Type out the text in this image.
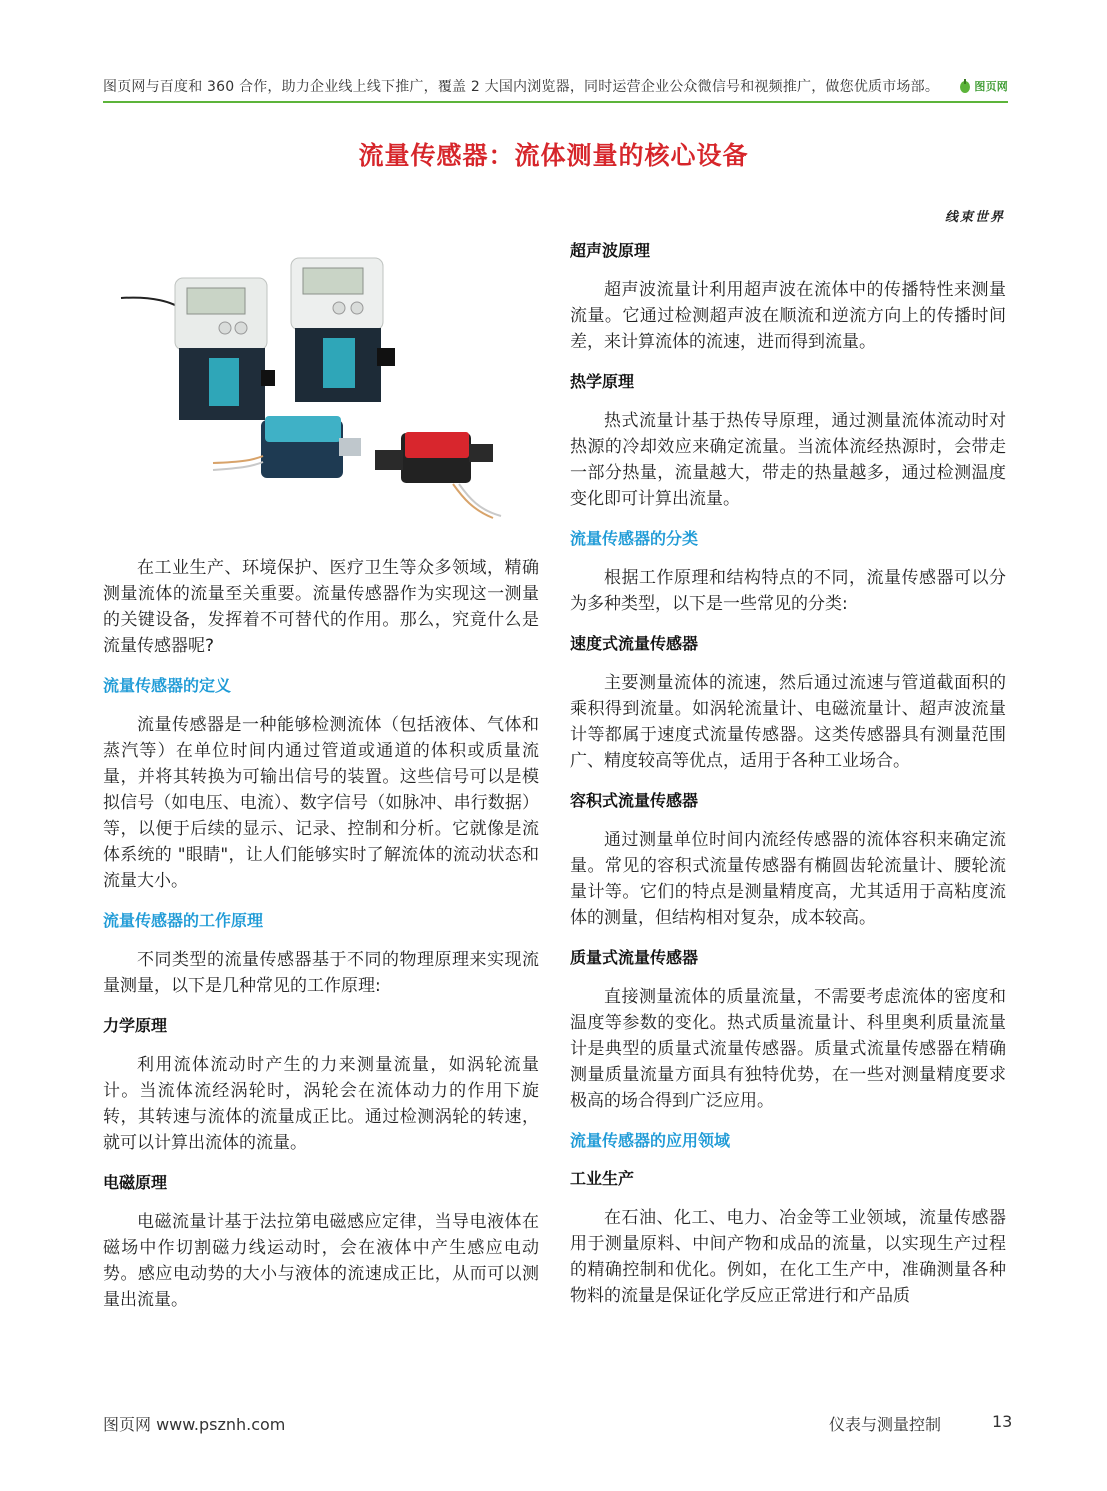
图页网与百度和 360 合作，助力企业线上线下推广，覆盖 2 大国内浏览器，同时运营企业公众微信号和视频推广，做您优质市场部。	图页网
流量传感器：流体测量的核心设备
线束世界

在工业生产、环境保护、医疗卫生等众多领域，精确测量流体的流量至关重要。流量传感器作为实现这一测量的关键设备，发挥着不可替代的作用。那么，究竟什么是流量传感器呢?

流量传感器的定义

流量传感器是一种能够检测流体（包括液体、气体和蒸汽等）在单位时间内通过管道或通道的体积或质量流量，并将其转换为可输出信号的装置。这些信号可以是模拟信号（如电压、电流）、数字信号（如脉冲、串行数据）等，以便于后续的显示、记录、控制和分析。它就像是流体系统的 "眼睛"，让人们能够实时了解流体的流动状态和流量大小。

流量传感器的工作原理

不同类型的流量传感器基于不同的物理原理来实现流量测量，以下是几种常见的工作原理:

力学原理

利用流体流动时产生的力来测量流量，如涡轮流量计。当流体流经涡轮时，涡轮会在流体动力的作用下旋转，其转速与流体的流量成正比。通过检测涡轮的转速，就可以计算出流体的流量。

电磁原理

电磁流量计基于法拉第电磁感应定律，当导电液体在磁场中作切割磁力线运动时，会在液体中产生感应电动势。感应电动势的大小与液体的流速成正比，从而可以测量出流量。

超声波原理

超声波流量计利用超声波在流体中的传播特性来测量流量。它通过检测超声波在顺流和逆流方向上的传播时间差，来计算流体的流速，进而得到流量。

热学原理

热式流量计基于热传导原理，通过测量流体流动时对热源的冷却效应来确定流量。当流体流经热源时，会带走一部分热量，流量越大，带走的热量越多，通过检测温度变化即可计算出流量。

流量传感器的分类

根据工作原理和结构特点的不同，流量传感器可以分为多种类型，以下是一些常见的分类:

速度式流量传感器

主要测量流体的流速，然后通过流速与管道截面积的乘积得到流量。如涡轮流量计、电磁流量计、超声波流量计等都属于速度式流量传感器。这类传感器具有测量范围广、精度较高等优点，适用于各种工业场合。

容积式流量传感器

通过测量单位时间内流经传感器的流体容积来确定流量。常见的容积式流量传感器有椭圆齿轮流量计、腰轮流量计等。它们的特点是测量精度高，尤其适用于高粘度流体的测量，但结构相对复杂，成本较高。

质量式流量传感器

直接测量流体的质量流量，不需要考虑流体的密度和温度等参数的变化。热式质量流量计、科里奥利质量流量计是典型的质量式流量传感器。质量式流量传感器在精确测量质量流量方面具有独特优势，在一些对测量精度要求极高的场合得到广泛应用。

流量传感器的应用领域
工业生产

在石油、化工、电力、冶金等工业领域，流量传感器用于测量原料、中间产物和成品的流量，以实现生产过程的精确控制和优化。例如，在化工生产中，准确测量各种物料的流量是保证化学反应正常进行和产品质

图页网 www.psznh.com	仪表与测量控制	13
